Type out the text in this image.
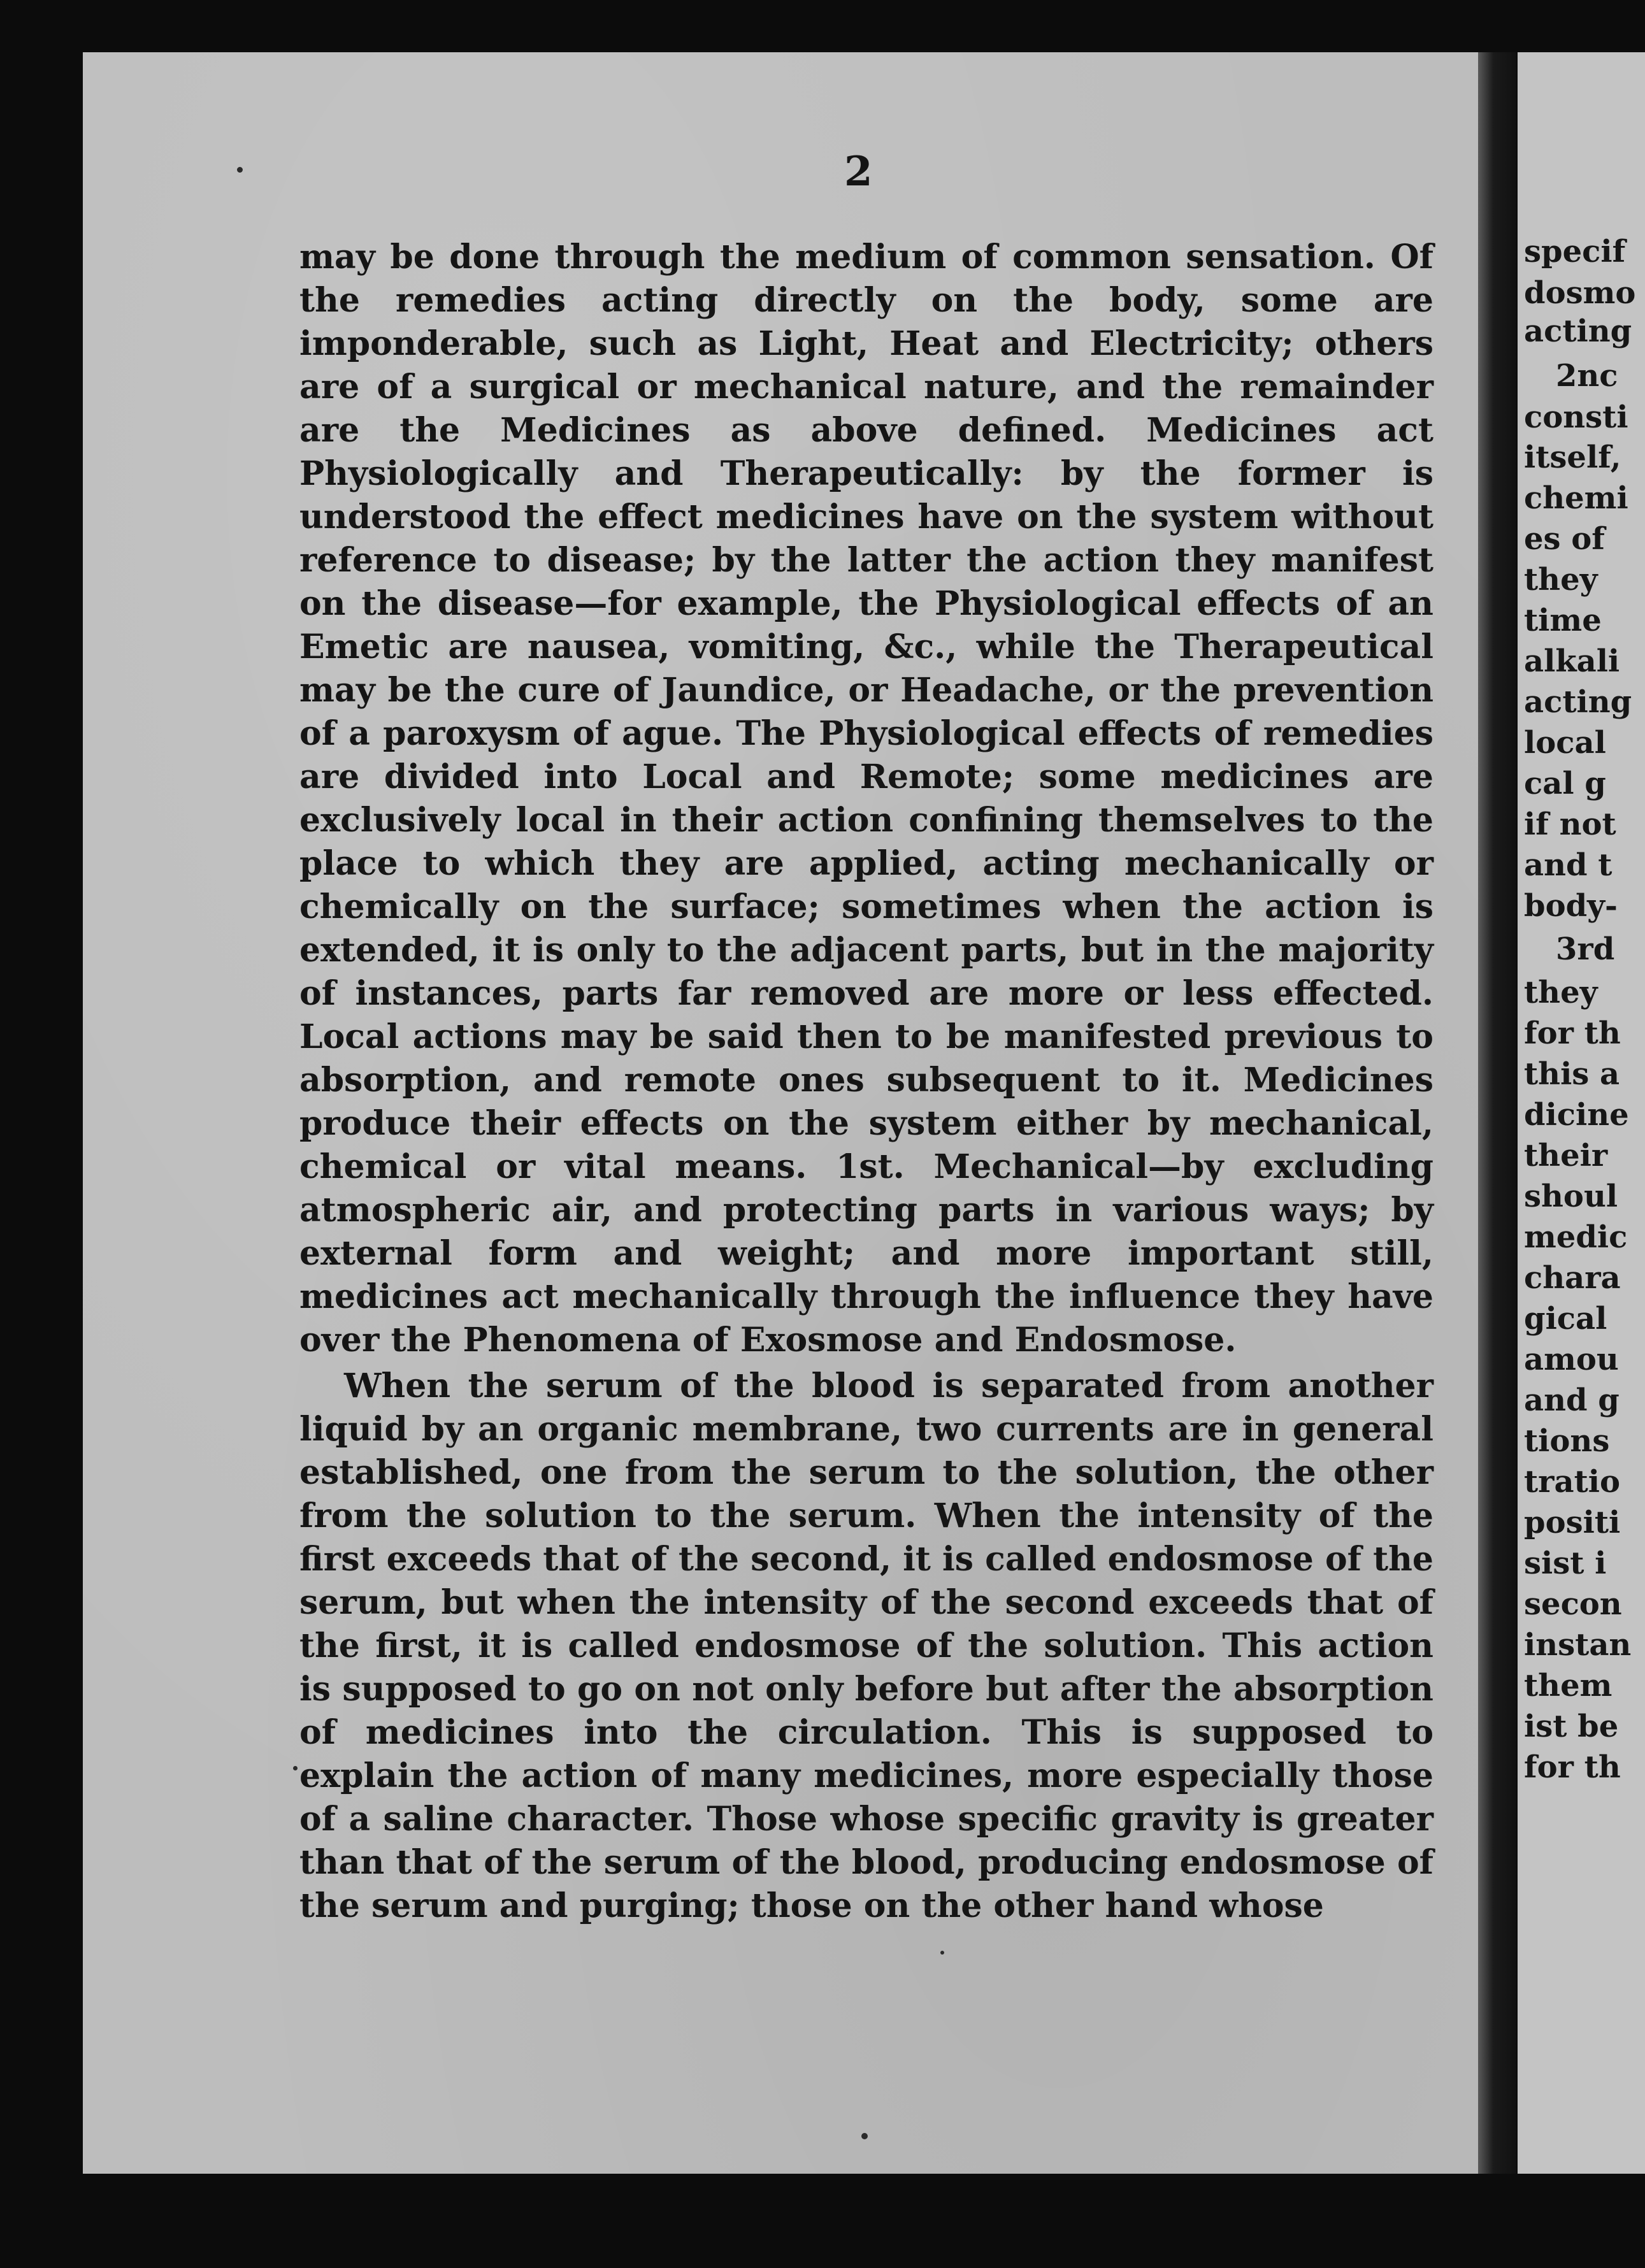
specif
dosmo
acting
2nc
consti
itself,
chemi
es of
they
time
alkali
acting
local
cal g
if not
and t
body-
3rd
they
for th
this a
dicine
their
shoul
medic
chara
gical
amou
and g
tions
tratio
positi
sist i
secon
instan
them
ist be
for th
2

may be done through the medium of common sensation. Of the remedies acting directly on the body, some are imponderable, such as Light, Heat and Electricity; others are of a surgical or mechanical nature, and the remainder are the Medicines as above defined. Medicines act Physiologically and Therapeutically: by the former is understood the effect medicines have on the system without reference to disease; by the latter the action they manifest on the disease—for example, the Physiological effects of an Emetic are nausea, vomiting, &c., while the Therapeutical may be the cure of Jaundice, or Headache, or the prevention of a paroxysm of ague. The Physiological effects of remedies are divided into Local and Remote; some medicines are exclusively local in their action confining themselves to the place to which they are applied, acting mechanically or chemically on the surface; sometimes when the action is extended, it is only to the adjacent parts, but in the majority of instances, parts far removed are more or less effected. Local actions may be said then to be manifested previous to absorption, and remote ones subsequent to it. Medicines produce their effects on the system either by mechanical, chemical or vital means. 1st. Mechanical—by excluding atmospheric air, and protecting parts in various ways; by external form and weight; and more important still, medicines act mechanically through the influence they have over the Phenomena of Exosmose and Endosmose.

When the serum of the blood is separated from another liquid by an organic membrane, two currents are in general established, one from the serum to the solution, the other from the solution to the serum. When the intensity of the first exceeds that of the second, it is called endosmose of the serum, but when the intensity of the second exceeds that of the first, it is called endosmose of the solution. This action is supposed to go on not only before but after the absorption of medicines into the circulation. This is supposed to explain the action of many medicines, more especially those of a saline character. Those whose specific gravity is greater than that of the serum of the blood, producing endosmose of the serum and purging; those on the other hand whose
